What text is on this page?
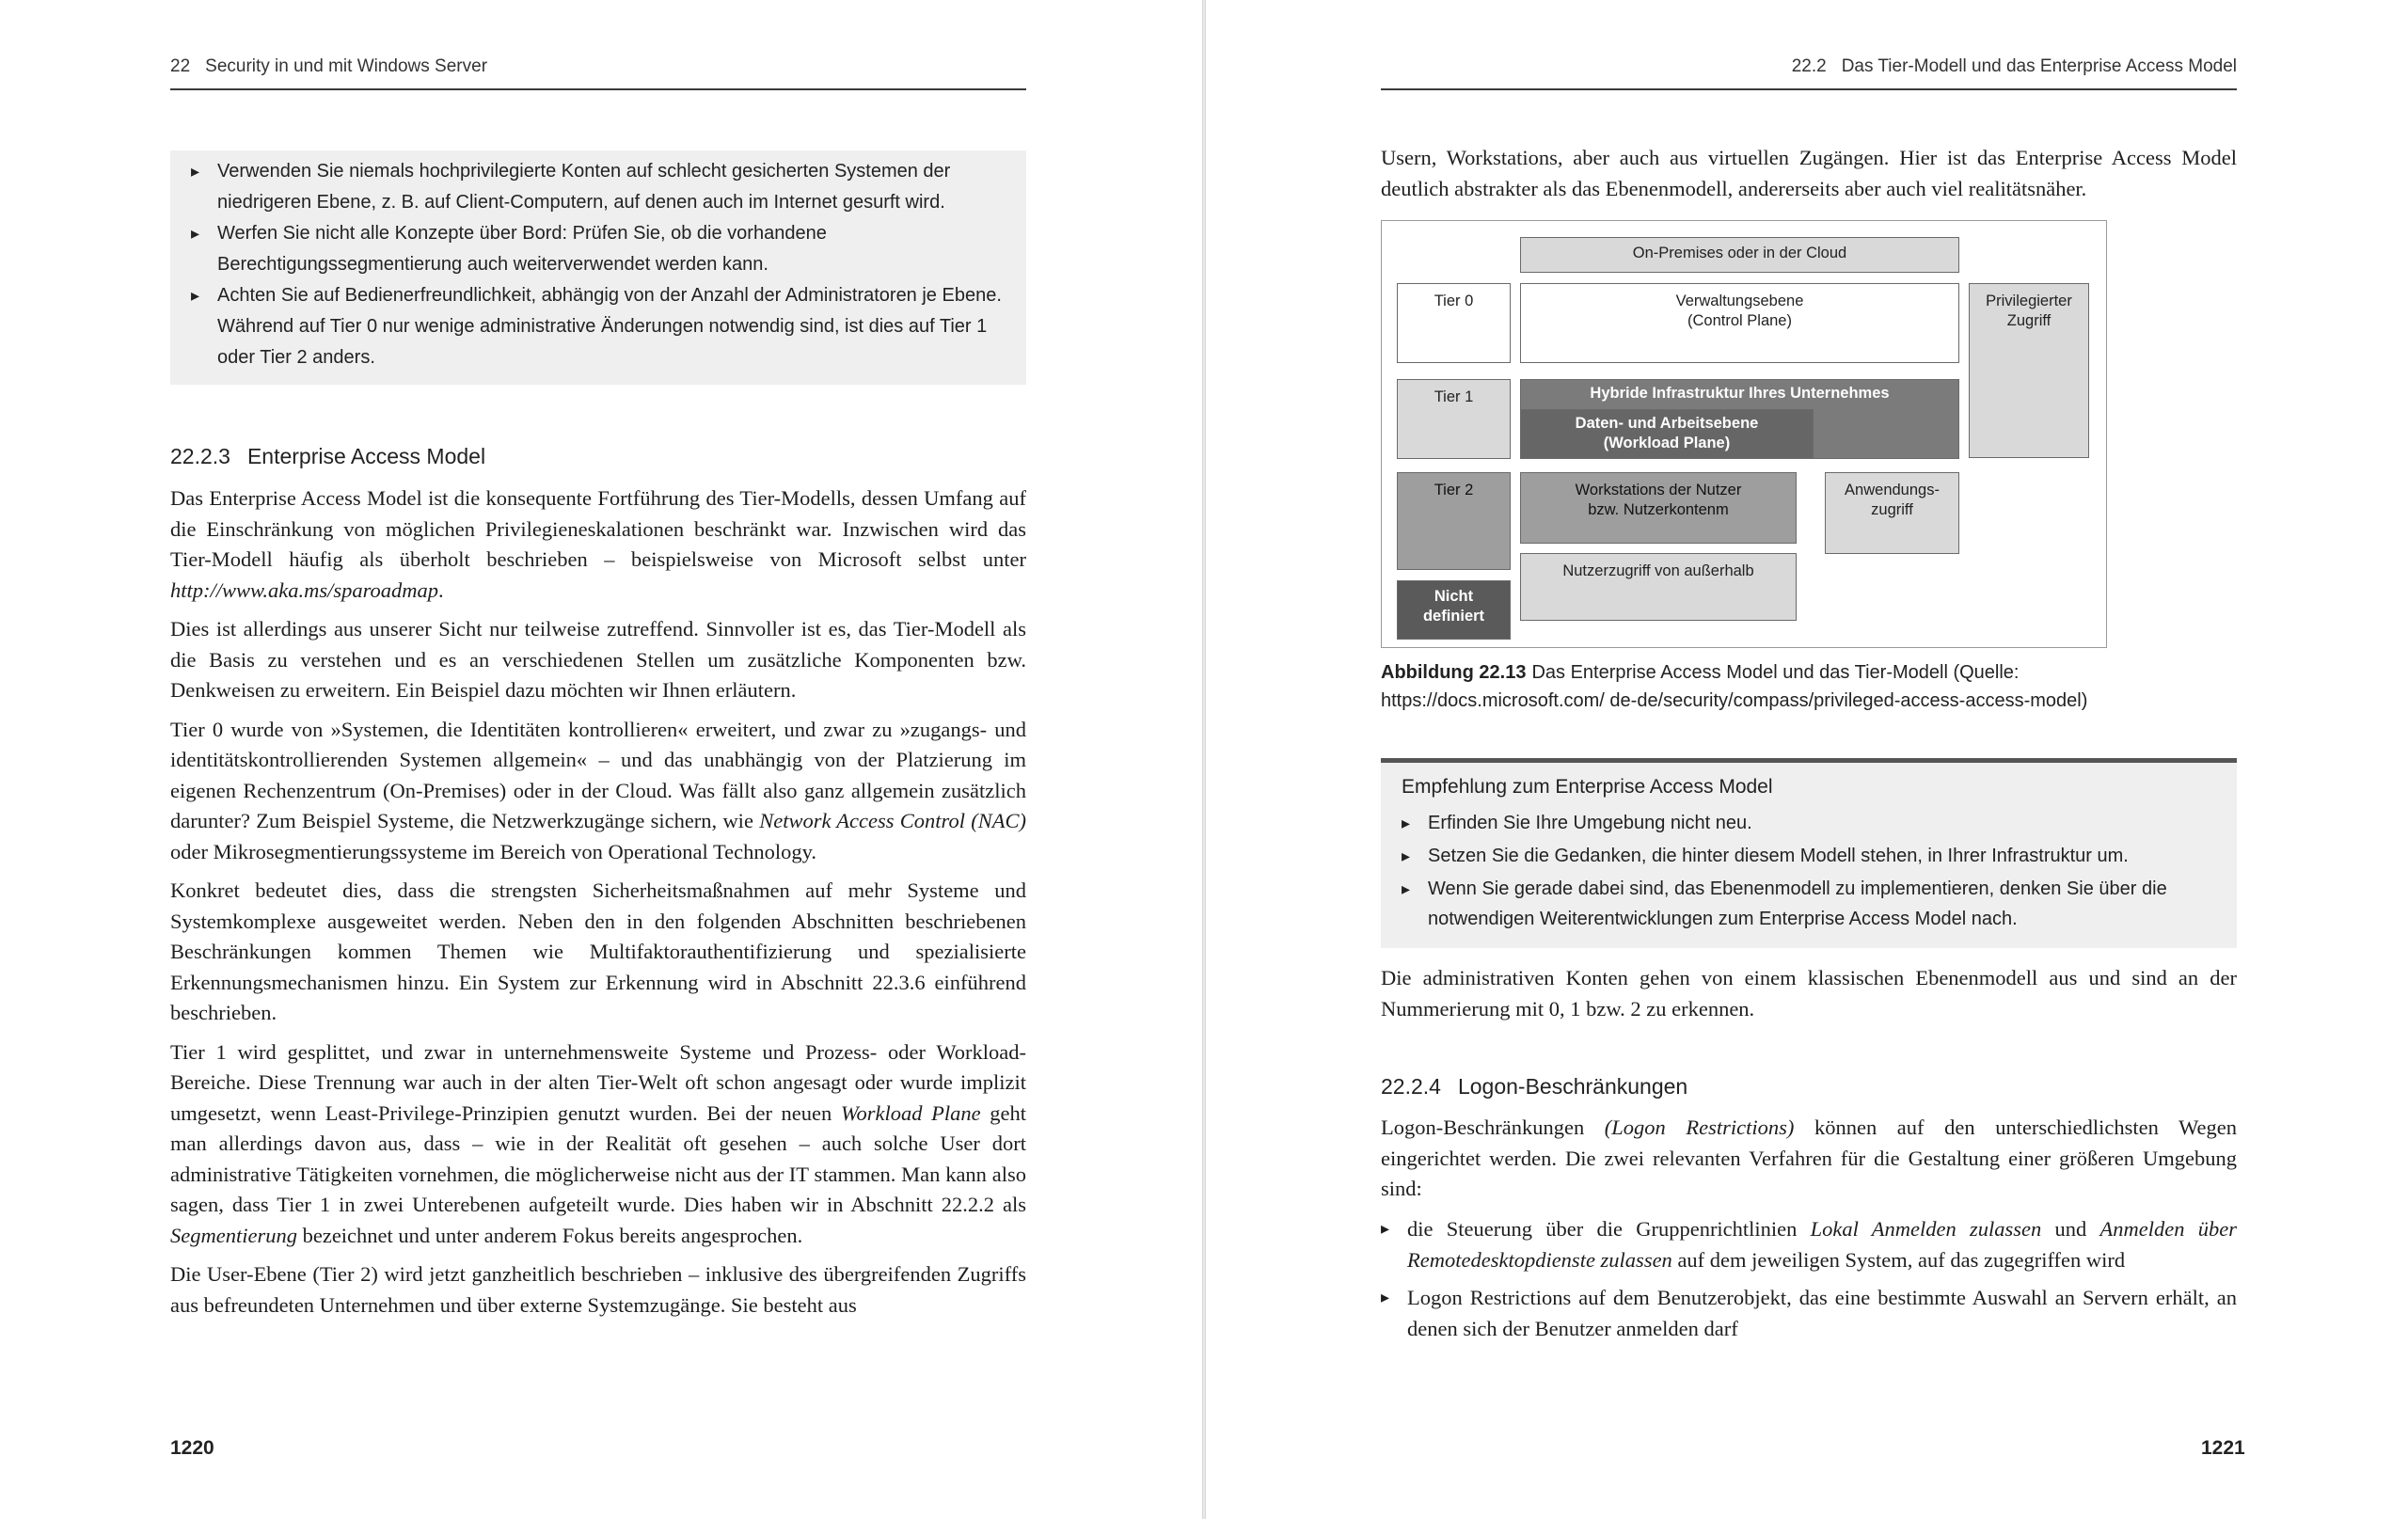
22 Security in und mit Windows Server
▸ Verwenden Sie niemals hochprivilegierte Konten auf schlecht gesicherten Systemen der niedrigeren Ebene, z. B. auf Client-Computern, auf denen auch im Internet gesurft wird.
▸ Werfen Sie nicht alle Konzepte über Bord: Prüfen Sie, ob die vorhandene Berechtigungssegmentierung auch weiterverwendet werden kann.
▸ Achten Sie auf Bedienerfreundlichkeit, abhängig von der Anzahl der Administratoren je Ebene. Während auf Tier 0 nur wenige administrative Änderungen notwendig sind, ist dies auf Tier 1 oder Tier 2 anders.
22.2.3 Enterprise Access Model

Das Enterprise Access Model ist die konsequente Fortführung des Tier-Modells, dessen Umfang auf die Einschränkung von möglichen Privilegieneskalationen beschränkt war. Inzwischen wird das Tier-Modell häufig als überholt beschrieben – beispielsweise von Microsoft selbst unter http://www.aka.ms/sparoadmap.

Dies ist allerdings aus unserer Sicht nur teilweise zutreffend. Sinnvoller ist es, das Tier-Modell als die Basis zu verstehen und es an verschiedenen Stellen um zusätzliche Komponenten bzw. Denkweisen zu erweitern. Ein Beispiel dazu möchten wir Ihnen erläutern.

Tier 0 wurde von »Systemen, die Identitäten kontrollieren« erweitert, und zwar zu »zugangs- und identitätskontrollierenden Systemen allgemein« – und das unabhängig von der Platzierung im eigenen Rechenzentrum (On-Premises) oder in der Cloud. Was fällt also ganz allgemein zusätzlich darunter? Zum Beispiel Systeme, die Netzwerkzugänge sichern, wie Network Access Control (NAC) oder Mikrosegmentierungssysteme im Bereich von Operational Technology.

Konkret bedeutet dies, dass die strengsten Sicherheitsmaßnahmen auf mehr Systeme und Systemkomplexe ausgeweitet werden. Neben den in den folgenden Abschnitten beschriebenen Beschränkungen kommen Themen wie Multifaktorauthentifizierung und spezialisierte Erkennungsmechanismen hinzu. Ein System zur Erkennung wird in Abschnitt 22.3.6 einführend beschrieben.

Tier 1 wird gesplittet, und zwar in unternehmensweite Systeme und Prozess- oder Workload-Bereiche. Diese Trennung war auch in der alten Tier-Welt oft schon angesagt oder wurde implizit umgesetzt, wenn Least-Privilege-Prinzipien genutzt wurden. Bei der neuen Workload Plane geht man allerdings davon aus, dass – wie in der Realität oft gesehen – auch solche User dort administrative Tätigkeiten vornehmen, die möglicherweise nicht aus der IT stammen. Man kann also sagen, dass Tier 1 in zwei Unterebenen aufgeteilt wurde. Dies haben wir in Abschnitt 22.2.2 als Segmentierung bezeichnet und unter anderem Fokus bereits angesprochen.

Die User-Ebene (Tier 2) wird jetzt ganzheitlich beschrieben – inklusive des übergreifenden Zugriffs aus befreundeten Unternehmen und über externe Systemzugänge. Sie besteht aus

1220
22.2 Das Tier-Modell und das Enterprise Access Model

Usern, Workstations, aber auch aus virtuellen Zugängen. Hier ist das Enterprise Access Model deutlich abstrakter als das Ebenenmodell, andererseits aber auch viel realitätsnäher.

On-Premises oder in der Cloud
Tier 0	Verwaltungsebene
(Control Plane)
Privilegierter
Zugriff
Tier 1	Hybride Infrastruktur Ihres Unternehmes
Daten- und Arbeitsebene
(Workload Plane)
Tier 2	Workstations der Nutzer
bzw. Nutzerkontenm
Anwendungs-
zugriff
Nutzerzugriff von außerhalb
Nicht
definiert
Abbildung 22.13 Das Enterprise Access Model und das Tier-Modell (Quelle: https://docs.microsoft.com/ de-de/security/compass/privileged-access-access-model)
Empfehlung zum Enterprise Access Model
▸ Erfinden Sie Ihre Umgebung nicht neu.
▸ Setzen Sie die Gedanken, die hinter diesem Modell stehen, in Ihrer Infrastruktur um.
▸ Wenn Sie gerade dabei sind, das Ebenenmodell zu implementieren, denken Sie über die notwendigen Weiterentwicklungen zum Enterprise Access Model nach.

Die administrativen Konten gehen von einem klassischen Ebenenmodell aus und sind an der Nummerierung mit 0, 1 bzw. 2 zu erkennen.

22.2.4 Logon-Beschränkungen

Logon-Beschränkungen (Logon Restrictions) können auf den unterschiedlichsten Wegen eingerichtet werden. Die zwei relevanten Verfahren für die Gestaltung einer größeren Umgebung sind:

▸ die Steuerung über die Gruppenrichtlinien Lokal Anmelden zulassen und Anmelden über Remotedesktopdienste zulassen auf dem jeweiligen System, auf das zugegriffen wird
▸ Logon Restrictions auf dem Benutzerobjekt, das eine bestimmte Auswahl an Servern erhält, an denen sich der Benutzer anmelden darf
1221
